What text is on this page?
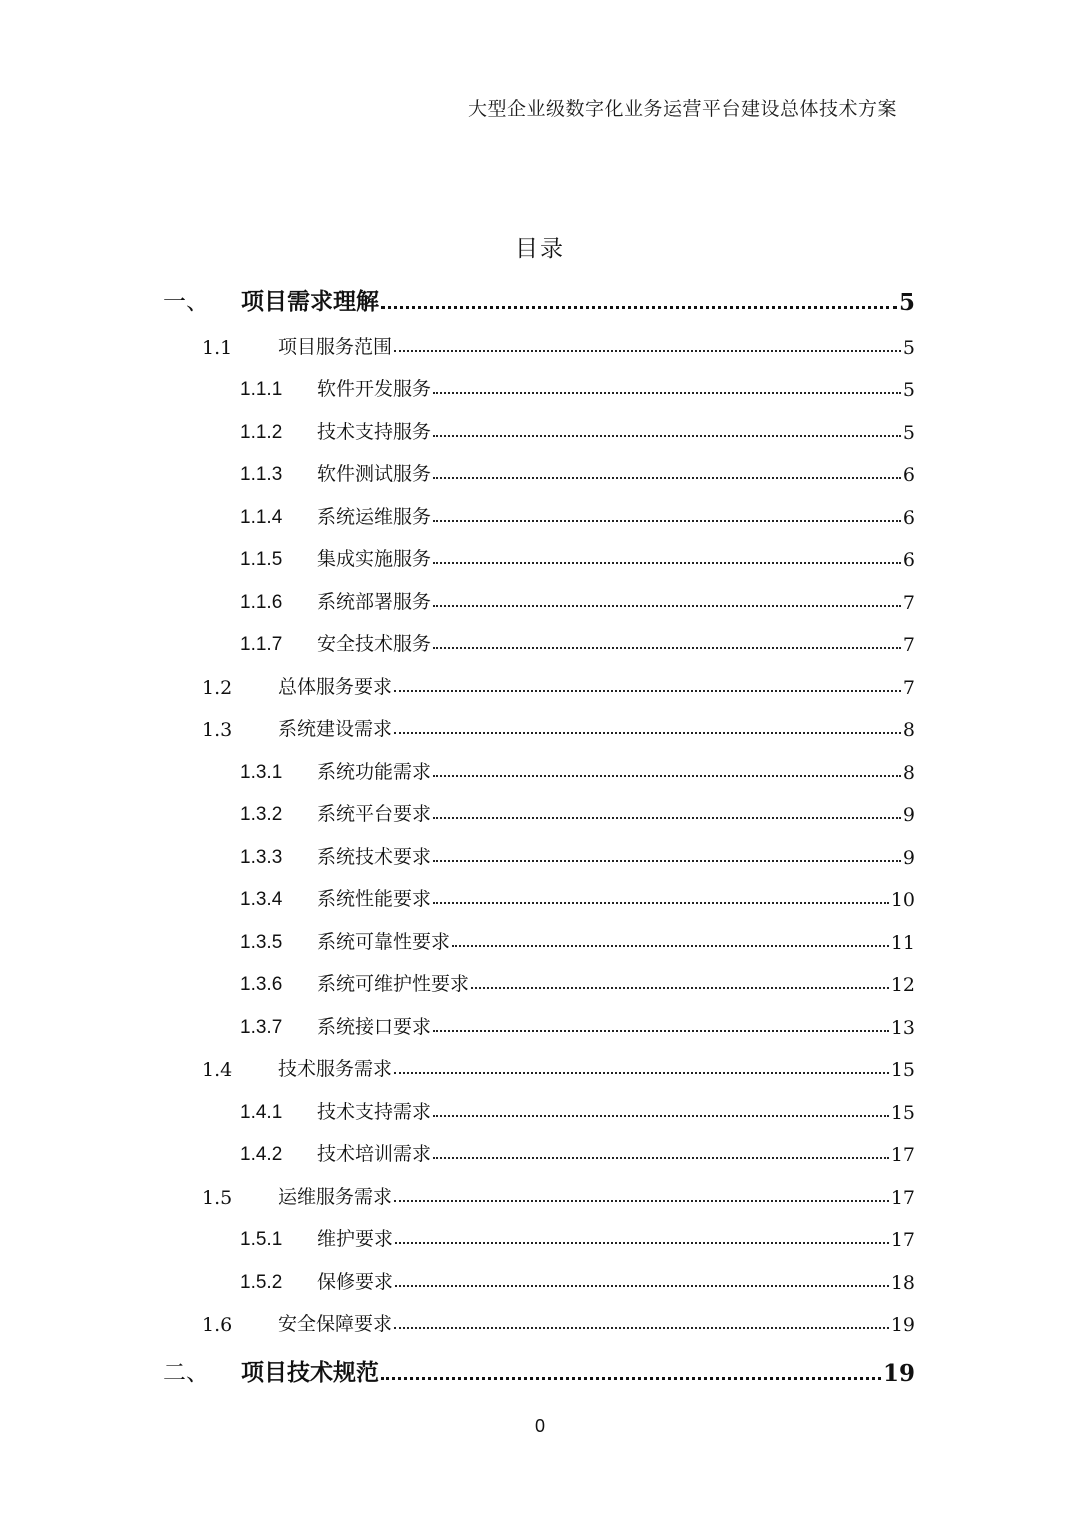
大型企业级数字化业务运营平台建设总体技术方案
目录
一、	项目需求理解	5
1.1	项目服务范围	5
1.1.1	软件开发服务	5
1.1.2	技术支持服务	5
1.1.3	软件测试服务	6
1.1.4	系统运维服务	6
1.1.5	集成实施服务	6
1.1.6	系统部署服务	7
1.1.7	安全技术服务	7
1.2	总体服务要求	7
1.3	系统建设需求	8
1.3.1	系统功能需求	8
1.3.2	系统平台要求	9
1.3.3	系统技术要求	9
1.3.4	系统性能要求	10
1.3.5	系统可靠性要求	11
1.3.6	系统可维护性要求	12
1.3.7	系统接口要求	13
1.4	技术服务需求	15
1.4.1	技术支持需求	15
1.4.2	技术培训需求	17
1.5	运维服务需求	17
1.5.1	维护要求	17
1.5.2	保修要求	18
1.6	安全保障要求	19
二、	项目技术规范	19
0
